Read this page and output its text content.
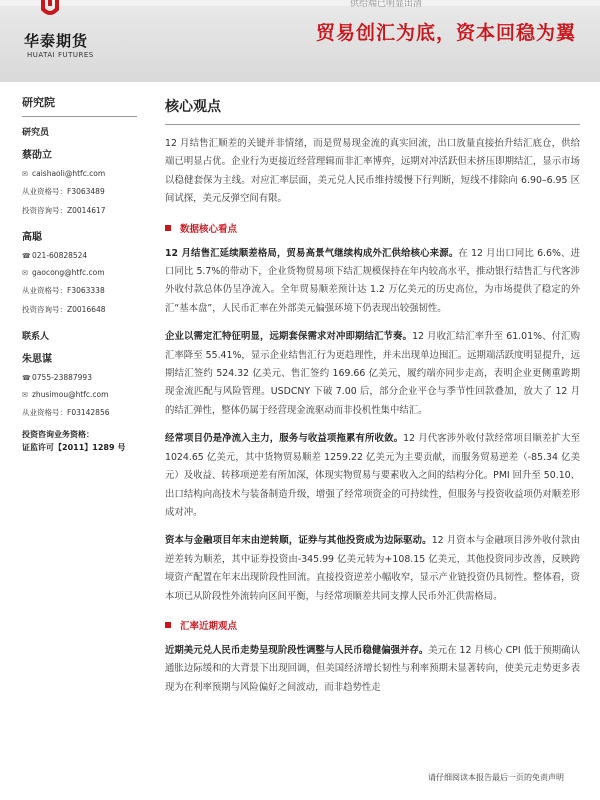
供给端已明显出清
华泰期货
HUATAI FUTURES
贸易创汇为底，资本回稳为翼
研究院
研究员
蔡劭立
✉ caishaoli@htfc.com
从业资格号：F3063489
投资咨询号：Z0014617
高聪
☎ 021-60828524
✉ gaocong@htfc.com
从业资格号：F3063338
投资咨询号：Z0016648
联系人
朱思谋
☎ 0755-23887993
✉ zhusimou@htfc.com
从业资格号：F03142856
投资咨询业务资格：
证监许可【2011】1289 号
核心观点

12 月结售汇顺差的关键并非情绪，而是贸易现金流的真实回流，出口放量直接抬升结汇底仓，供给端已明显占优。企业行为更接近经营理辑而非汇率博弈，远期对冲活跃但未挤压即期结汇，显示市场以稳健套保为主线。对应汇率层面，美元兑人民币维持缓慢下行判断，短线不排除向 6.90–6.95 区间试探，美元反弹空间有限。

数据核心看点

12 月结售汇延续顺差格局，贸易高景气继续构成外汇供给核心来源。在 12 月出口同比 6.6%、进口同比 5.7%的带动下，企业货物贸易项下结汇规模保持在年内较高水平，推动银行结售汇与代客涉外收付款总体仍呈净流入。全年贸易顺差预计达 1.2 万亿美元的历史高位，为市场提供了稳定的外汇“基本盘”，人民币汇率在外部美元偏强环境下仍表现出较强韧性。

企业以需定汇特征明显，远期套保需求对冲即期结汇节奏。12 月收汇结汇率升至 61.01%、付汇购汇率降至 55.41%，显示企业结售汇行为更趋理性，并未出现单边囤汇。远期端活跃度明显提升，远期结汇签约 524.32 亿美元、售汇签约 169.66 亿美元，履约端亦同步走高，表明企业更侧重跨期现金流匹配与风险管理。USDCNY 下破 7.00 后，部分企业平仓与季节性回款叠加，放大了 12 月的结汇弹性，整体仍属于经营现金流驱动而非投机性集中结汇。

经常项目仍是净流入主力，服务与收益项拖累有所收敛。12 月代客涉外收付款经常项目顺差扩大至 1024.65 亿美元，其中货物贸易顺差 1259.22 亿美元为主要贡献，而服务贸易逆差（-85.34 亿美元）及收益、转移项逆差有所加深，体现实物贸易与要素收入之间的结构分化。PMI 回升至 50.10、出口结构向高技术与装备制造升级，增强了经常项资金的可持续性，但服务与投资收益项仍对顺差形成对冲。

资本与金融项目年末由逆转顺，证券与其他投资成为边际驱动。12 月资本与金融项目涉外收付款由逆差转为顺差，其中证券投资由-345.99 亿美元转为+108.15 亿美元，其他投资同步改善，反映跨境资产配置在年末出现阶段性回流。直接投资逆差小幅收窄，显示产业链投资仍具韧性。整体看，资本项已从阶段性外流转向区间平衡，与经常项顺差共同支撑人民币外汇供需格局。

汇率近期观点

近期美元兑人民币走势呈现阶段性调整与人民币稳健偏强并存。美元在 12 月核心 CPI 低于预期确认通胀边际缓和的大背景下出现回调，但美国经济增长韧性与利率预期未显著转向，使美元走势更多表现为在利率预期与风险偏好之间波动，而非趋势性走

请仔细阅读本报告最后一页的免责声明
